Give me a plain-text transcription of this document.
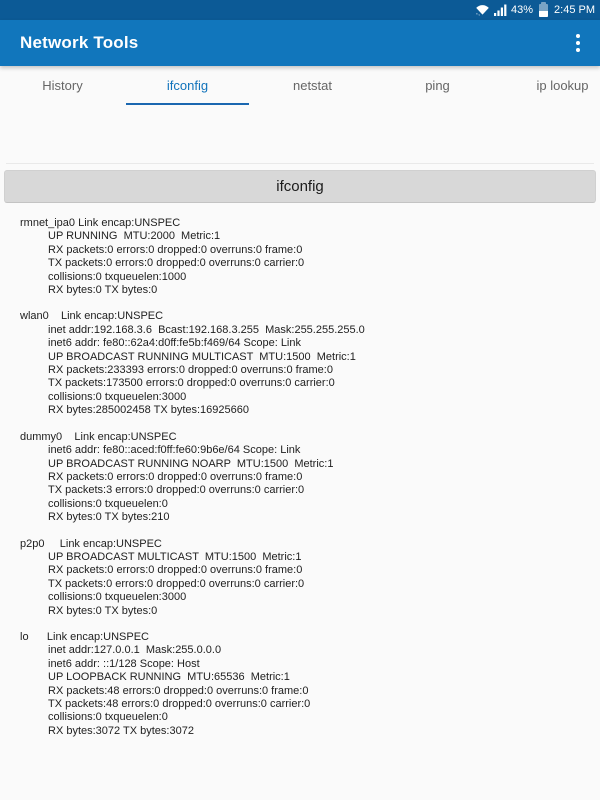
43% 2:45 PM
Network Tools
History	ifconfig	netstat	ping	ip lookup
ifconfig
rmnet_ipa0 Link encap:UNSPEC
UP RUNNING  MTU:2000  Metric:1
RX packets:0 errors:0 dropped:0 overruns:0 frame:0
TX packets:0 errors:0 dropped:0 overruns:0 carrier:0
collisions:0 txqueuelen:1000
RX bytes:0 TX bytes:0
wlan0    Link encap:UNSPEC
inet addr:192.168.3.6  Bcast:192.168.3.255  Mask:255.255.255.0
inet6 addr: fe80::62a4:d0ff:fe5b:f469/64 Scope: Link
UP BROADCAST RUNNING MULTICAST  MTU:1500  Metric:1
RX packets:233393 errors:0 dropped:0 overruns:0 frame:0
TX packets:173500 errors:0 dropped:0 overruns:0 carrier:0
collisions:0 txqueuelen:3000
RX bytes:285002458 TX bytes:16925660
dummy0    Link encap:UNSPEC
inet6 addr: fe80::aced:f0ff:fe60:9b6e/64 Scope: Link
UP BROADCAST RUNNING NOARP  MTU:1500  Metric:1
RX packets:0 errors:0 dropped:0 overruns:0 frame:0
TX packets:3 errors:0 dropped:0 overruns:0 carrier:0
collisions:0 txqueuelen:0
RX bytes:0 TX bytes:210
p2p0     Link encap:UNSPEC
UP BROADCAST MULTICAST  MTU:1500  Metric:1
RX packets:0 errors:0 dropped:0 overruns:0 frame:0
TX packets:0 errors:0 dropped:0 overruns:0 carrier:0
collisions:0 txqueuelen:3000
RX bytes:0 TX bytes:0
lo      Link encap:UNSPEC
inet addr:127.0.0.1  Mask:255.0.0.0
inet6 addr: ::1/128 Scope: Host
UP LOOPBACK RUNNING  MTU:65536  Metric:1
RX packets:48 errors:0 dropped:0 overruns:0 frame:0
TX packets:48 errors:0 dropped:0 overruns:0 carrier:0
collisions:0 txqueuelen:0
RX bytes:3072 TX bytes:3072
